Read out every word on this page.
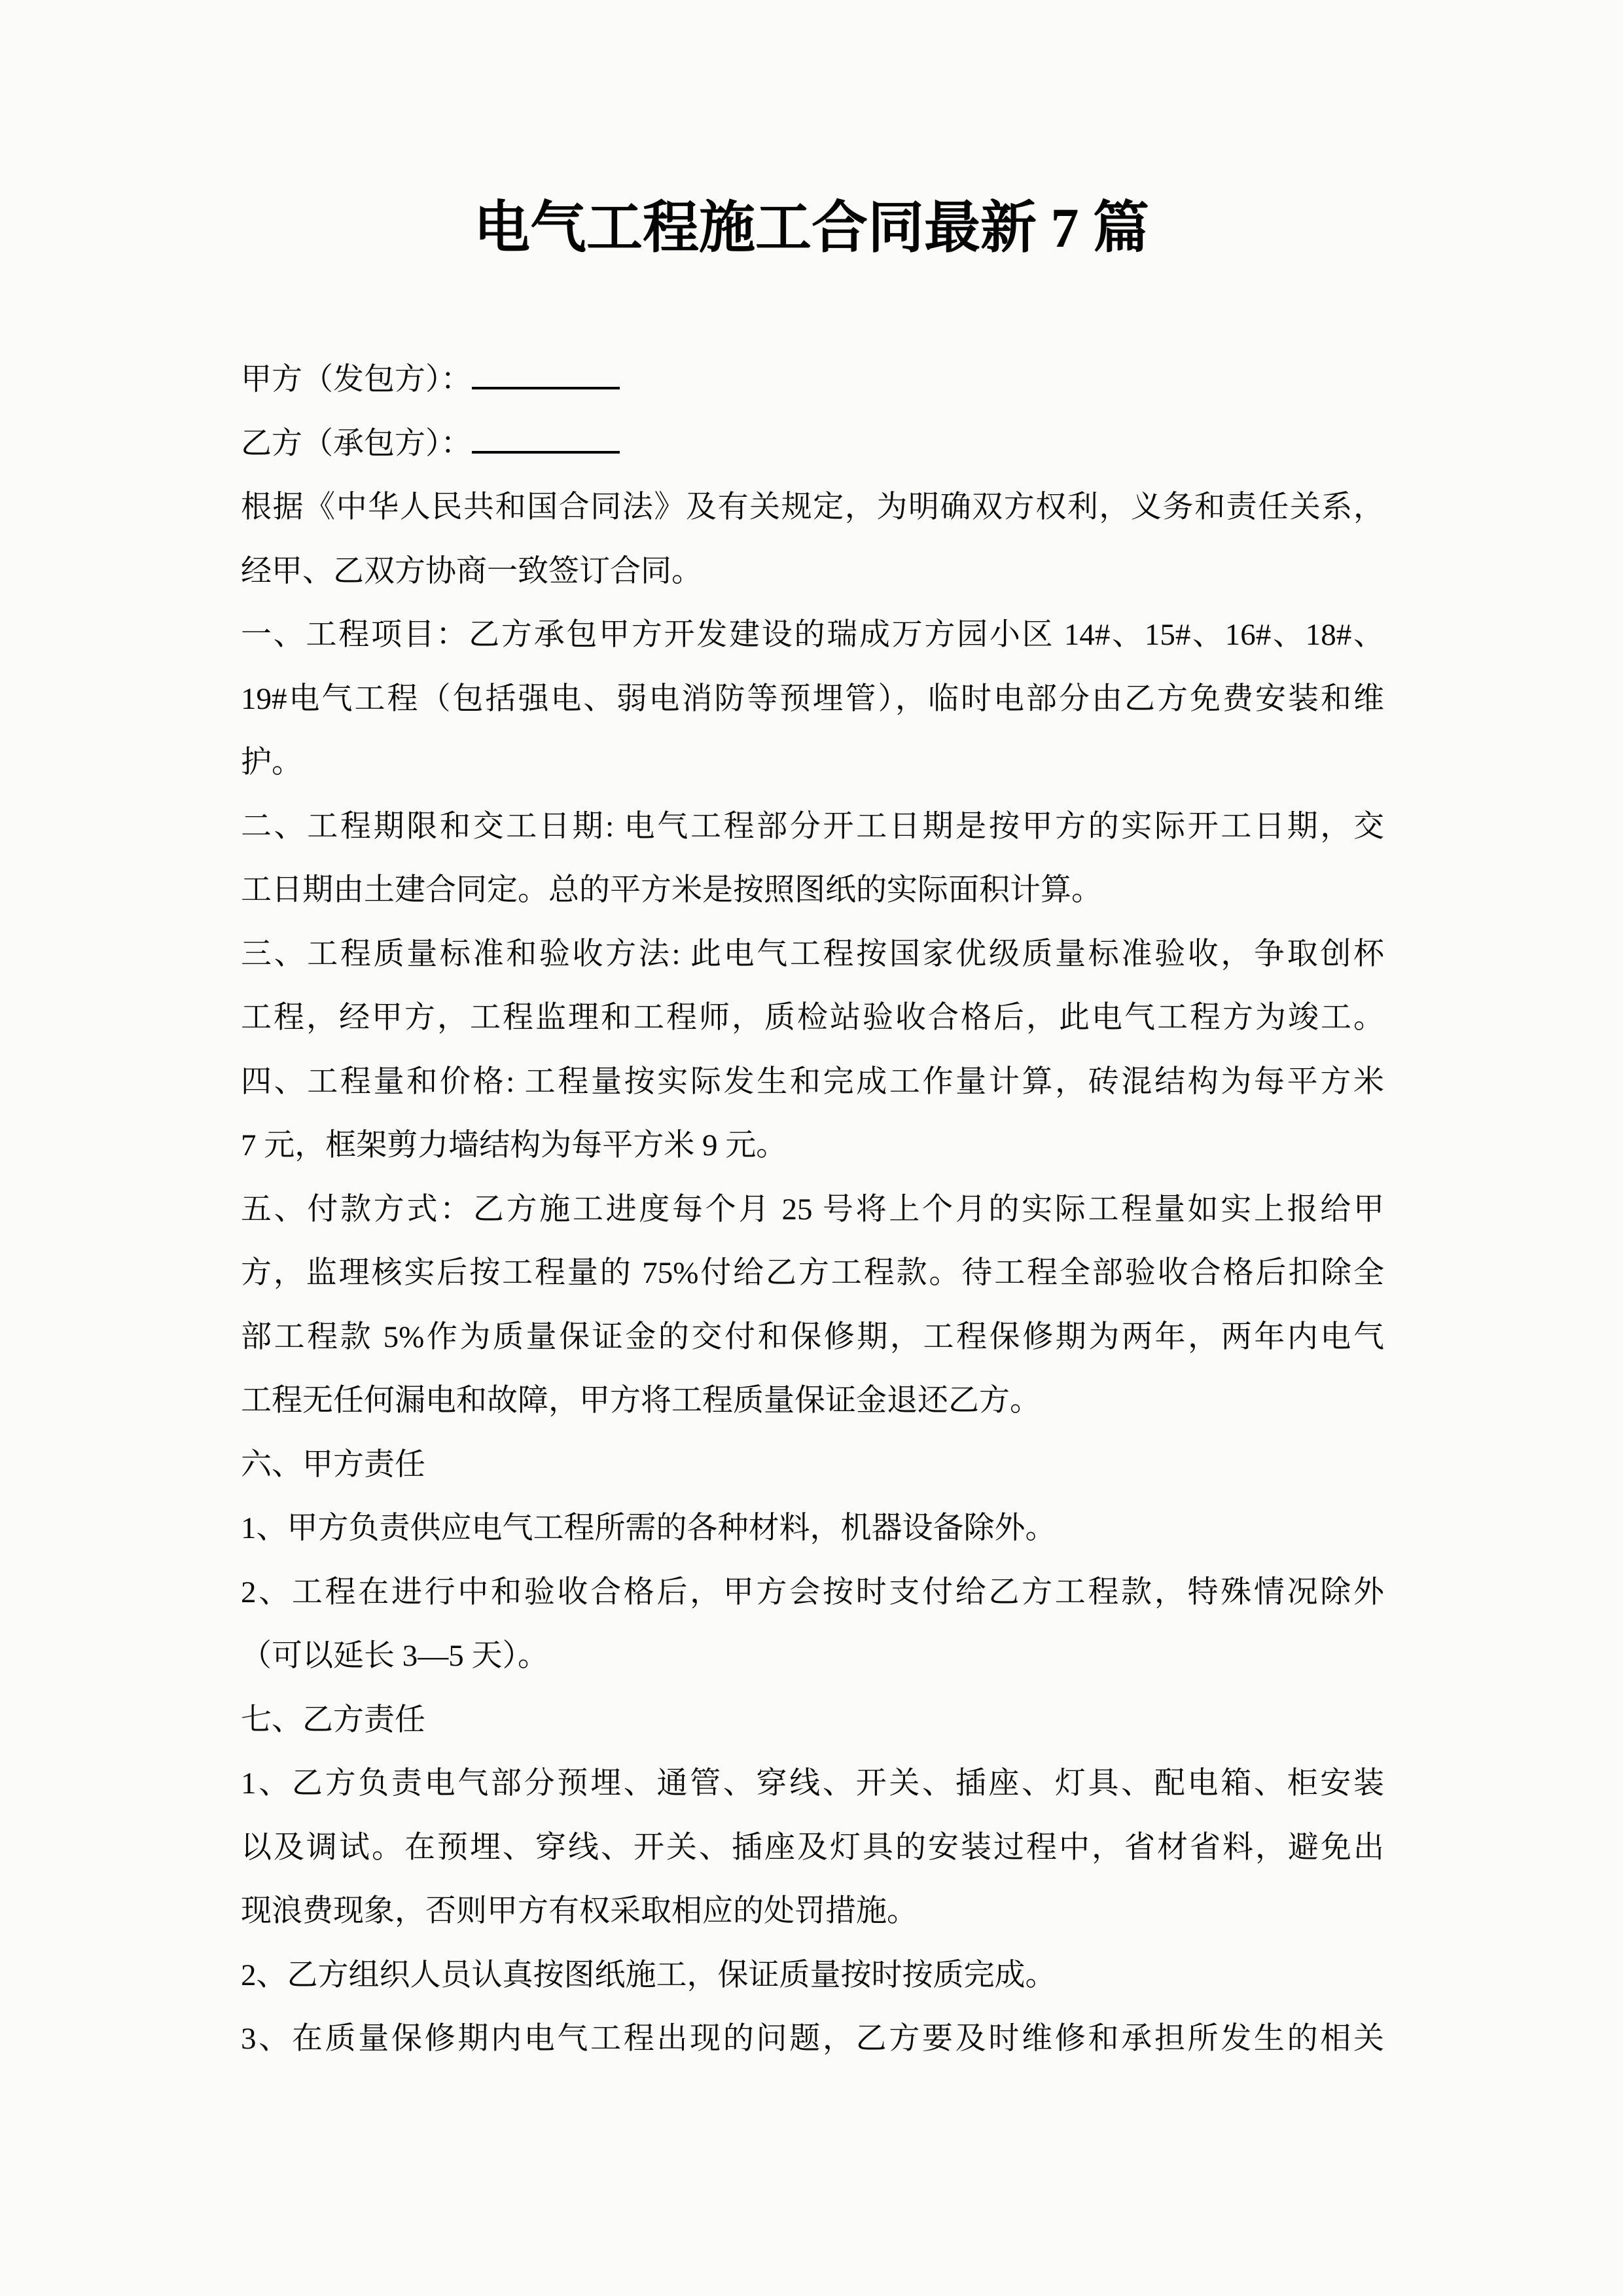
电气工程施工合同最新 7 篇
甲方（发包方）：
乙方（承包方）：
根据《中华人民共和国合同法》及有关规定，为明确双方权利，义务和责任关系，
经甲、乙双方协商一致签订合同。
一、工程项目：乙方承包甲方开发建设的瑞成万方园小区 14#、15#、16#、18#、
19#电气工程（包括强电、弱电消防等预埋管），临时电部分由乙方免费安装和维
护。
二、工程期限和交工日期: 电气工程部分开工日期是按甲方的实际开工日期，交
工日期由土建合同定。总的平方米是按照图纸的实际面积计算。
三、工程质量标准和验收方法: 此电气工程按国家优级质量标准验收，争取创杯
工程，经甲方，工程监理和工程师，质检站验收合格后，此电气工程方为竣工。
四、工程量和价格: 工程量按实际发生和完成工作量计算，砖混结构为每平方米
7 元，框架剪力墙结构为每平方米 9 元。
五、付款方式：乙方施工进度每个月 25 号将上个月的实际工程量如实上报给甲
方，监理核实后按工程量的 75%付给乙方工程款。待工程全部验收合格后扣除全
部工程款 5%作为质量保证金的交付和保修期，工程保修期为两年，两年内电气
工程无任何漏电和故障，甲方将工程质量保证金退还乙方。
六、甲方责任
1、甲方负责供应电气工程所需的各种材料，机器设备除外。
2、工程在进行中和验收合格后，甲方会按时支付给乙方工程款，特殊情况除外
（可以延长 3—5 天）。
七、乙方责任
1、乙方负责电气部分预埋、通管、穿线、开关、插座、灯具、配电箱、柜安装
以及调试。在预埋、穿线、开关、插座及灯具的安装过程中，省材省料，避免出
现浪费现象，否则甲方有权采取相应的处罚措施。
2、乙方组织人员认真按图纸施工，保证质量按时按质完成。
3、在质量保修期内电气工程出现的问题，乙方要及时维修和承担所发生的相关
